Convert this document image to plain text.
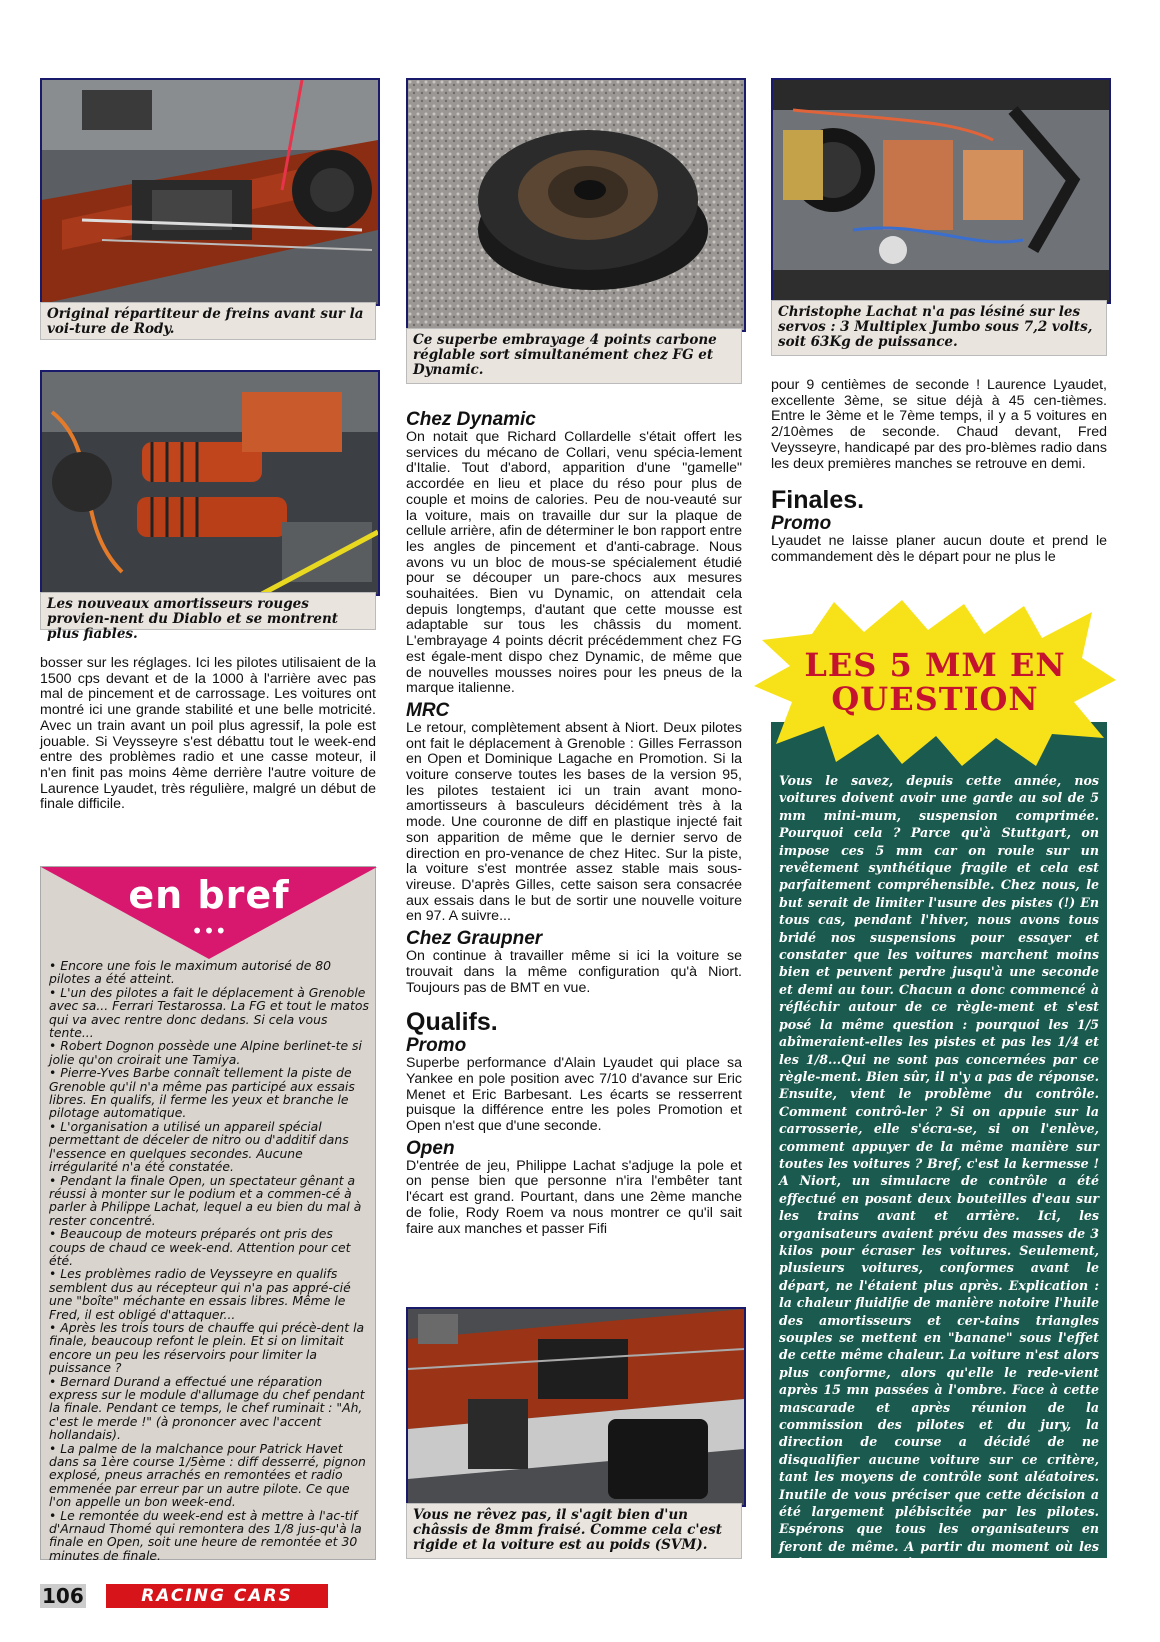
Original répartiteur de freins avant sur la voi-ture de Rody.
Les nouveaux amortisseurs rouges provien-nent du Diablo et se montrent plus fiables.

bosser sur les réglages. Ici les pilotes utilisaient de la 1500 cps devant et de la 1000 à l'arrière avec pas mal de pincement et de carrossage. Les voitures ont montré ici une grande stabilité et une belle motricité. Avec un train avant un poil plus agressif, la pole est jouable. Si Veysseyre s'est débattu tout le week-end entre des problèmes radio et une casse moteur, il n'en finit pas moins 4ème derrière l'autre voiture de Laurence Lyaudet, très régulière, malgré un début de finale difficile.

en bref
•••

• Encore une fois le maximum autorisé de 80 pilotes a été atteint.

• L'un des pilotes a fait le déplacement à Grenoble avec sa... Ferrari Testarossa. La FG et tout le matos qui va avec rentre donc dedans. Si cela vous tente...

• Robert Dognon possède une Alpine berlinet-te si jolie qu'on croirait une Tamiya.

• Pierre-Yves Barbe connaît tellement la piste de Grenoble qu'il n'a même pas participé aux essais libres. En qualifs, il ferme les yeux et branche le pilotage automatique.

• L'organisation a utilisé un appareil spécial permettant de déceler de nitro ou d'additif dans l'essence en quelques secondes. Aucune irrégularité n'a été constatée.

• Pendant la finale Open, un spectateur gênant a réussi à monter sur le podium et a commen-cé à parler à Philippe Lachat, lequel a eu bien du mal à rester concentré.

• Beaucoup de moteurs préparés ont pris des coups de chaud ce week-end. Attention pour cet été.

• Les problèmes radio de Veysseyre en qualifs semblent dus au récepteur qui n'a pas appré-cié une "boîte" méchante en essais libres. Même le Fred, il est obligé d'attaquer...

• Après les trois tours de chauffe qui précè-dent la finale, beaucoup refont le plein. Et si on limitait encore un peu les réservoirs pour limiter la puissance ?

• Bernard Durand a effectué une réparation express sur le module d'allumage du chef pendant la finale. Pendant ce temps, le chef ruminait : "Ah, c'est le merde !" (à prononcer avec l'accent hollandais).

• La palme de la malchance pour Patrick Havet dans sa 1ère course 1/5ème : diff desserré, pignon explosé, pneus arrachés en remontées et radio emmenée par erreur par un autre pilote. Ce que l'on appelle un bon week-end.

• Le remontée du week-end est à mettre à l'ac-tif d'Arnaud Thomé qui remontera des 1/8 jus-qu'à la finale en Open, soit une heure de remontée et 30 minutes de finale.

Ce superbe embrayage 4 points carbone réglable sort simultanément chez FG et Dynamic.
Chez Dynamic

On notait que Richard Collardelle s'était offert les services du mécano de Collari, venu spécia-lement d'Italie. Tout d'abord, apparition d'une "gamelle" accordée en lieu et place du réso pour plus de couple et moins de calories. Peu de nou-veauté sur la voiture, mais on travaille dur sur la plaque de cellule arrière, afin de déterminer le bon rapport entre les angles de pincement et d'anti-cabrage. Nous avons vu un bloc de mous-se spécialement étudié pour se découper un pare-chocs aux mesures souhaitées. Bien vu Dynamic, on attendait cela depuis longtemps, d'autant que cette mousse est adaptable sur tous les châssis du moment. L'embrayage 4 points décrit précédemment chez FG est égale-ment dispo chez Dynamic, de même que de nouvelles mousses noires pour les pneus de la marque italienne.

MRC

Le retour, complètement absent à Niort. Deux pilotes ont fait le déplacement à Grenoble : Gilles Ferrasson en Open et Dominique Lagache en Promotion. Si la voiture conserve toutes les bases de la version 95, les pilotes testaient ici un train avant mono-amortisseurs à basculeurs décidément très à la mode. Une couronne de diff en plastique injecté fait son apparition de même que le dernier servo de direction en pro-venance de chez Hitec. Sur la piste, la voiture s'est montrée assez stable mais sous-vireuse. D'après Gilles, cette saison sera consacrée aux essais dans le but de sortir une nouvelle voiture en 97. A suivre...

Chez Graupner

On continue à travailler même si ici la voiture se trouvait dans la même configuration qu'à Niort. Toujours pas de BMT en vue.

Qualifs.
Promo

Superbe performance d'Alain Lyaudet qui place sa Yankee en pole position avec 7/10 d'avance sur Eric Menet et Eric Barbesant. Les écarts se resserrent puisque la différence entre les poles Promotion et Open n'est que d'une seconde.

Open

D'entrée de jeu, Philippe Lachat s'adjuge la pole et on pense bien que personne n'ira l'embêter tant l'écart est grand. Pourtant, dans une 2ème manche de folie, Rody Roem va nous montrer ce qu'il sait faire aux manches et passer Fifi

Vous ne rêvez pas, il s'agit bien d'un châssis de 8mm fraisé. Comme cela c'est rigide et la voiture est au poids (SVM).
Christophe Lachat n'a pas lésiné sur les servos : 3 Multiplex Jumbo sous 7,2 volts, soit 63Kg de puissance.

pour 9 centièmes de seconde ! Laurence Lyaudet, excellente 3ème, se situe déjà à 45 cen-tièmes. Entre le 3ème et le 7ème temps, il y a 5 voitures en 2/10èmes de seconde. Chaud devant, Fred Veysseyre, handicapé par des pro-blèmes radio dans les deux premières manches se retrouve en demi.

Finales.
Promo

Lyaudet ne laisse planer aucun doute et prend le commandement dès le départ pour ne plus le

Vous le savez, depuis cette année, nos voitures doivent avoir une garde au sol de 5 mm mini-mum, suspension comprimée. Pourquoi cela ? Parce qu'à Stuttgart, on impose ces 5 mm car on roule sur un revêtement synthétique fragile et cela est parfaitement compréhensible. Chez nous, le but serait de limiter l'usure des pistes (!) En tous cas, pendant l'hiver, nous avons tous bridé nos suspensions pour essayer et constater que les voitures marchent moins bien et peuvent perdre jusqu'à une seconde et demi au tour. Chacun a donc commencé à réfléchir autour de ce règle-ment et s'est posé la même question : pourquoi les 1/5 abîmeraient-elles les pistes et pas les 1/4 et les 1/8...Qui ne sont pas concernées par ce règle-ment. Bien sûr, il n'y a pas de réponse. Ensuite, vient le problème du contrôle. Comment contrô-ler ? Si on appuie sur la carrosserie, elle s'écra-se, si on l'enlève, comment appuyer de la même manière sur toutes les voitures ? Bref, c'est la kermesse ! A Niort, un simulacre de contrôle a été effectué en posant deux bouteilles d'eau sur les trains avant et arrière. Ici, les organisateurs avaient prévu des masses de 3 kilos pour écraser les voitures. Seulement, plusieurs voitures, conformes avant le départ, ne l'étaient plus après. Explication : la chaleur fluidifie de manière notoire l'huile des amortisseurs et cer-tains triangles souples se mettent en "banane" sous l'effet de cette même chaleur. La voiture n'est alors plus conforme, alors qu'elle le rede-vient après 15 mn passées à l'ombre. Face à cette mascarade et après réunion de la commission des pilotes et du jury, la direction de course a décidé de ne disqualifier aucune voiture sur ce critère, tant les moyens de contrôle sont aléatoires. Inutile de vous préciser que cette décision a été largement plébiscitée par les pilotes. Espérons que tous les organisateurs en feront de même. A partir du moment où les châssis sont fraisés, je ne vois pas comment nous pourrions abîmer les pistes. A ce jour, je n'ai encore trouvé aucun organisateur qui me dise le contraire. Le bon sens a triomphé, tant mieux.
LES 5 MM EN
QUESTION
106	RACING CARS
